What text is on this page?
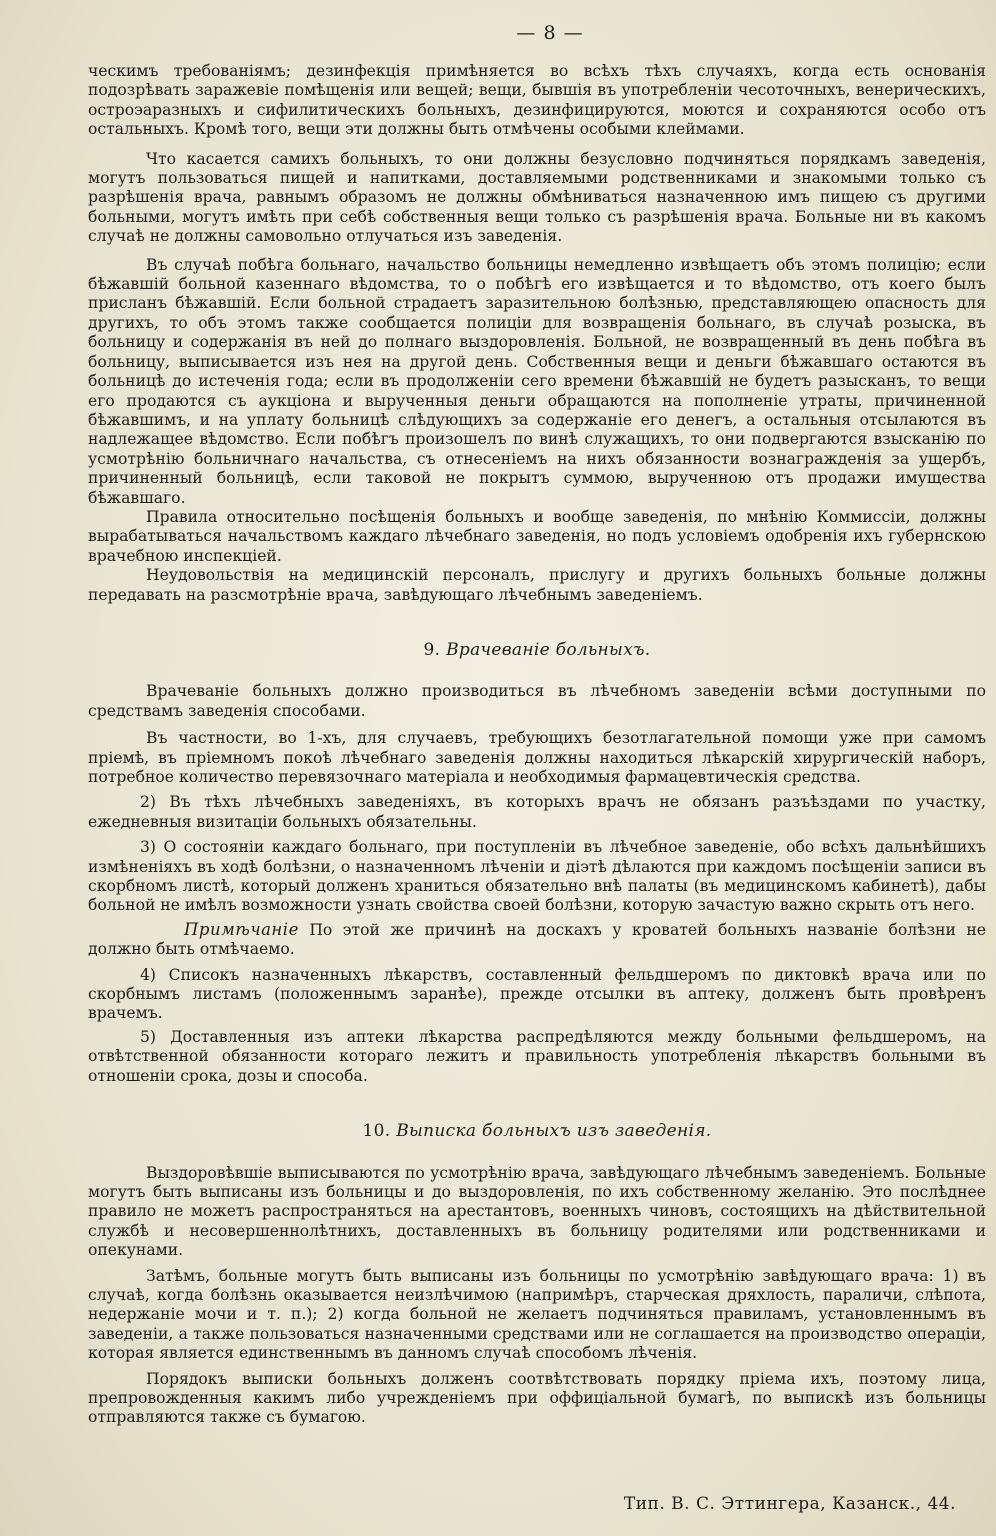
— 8 —

ческимъ требованіямъ; дезинфекція примѣняется во всѣхъ тѣхъ случаяхъ, когда есть основанія подозрѣвать заражевіе помѣщенія или вещей; вещи, бывшія въ употребленіи чесоточныхъ, венерическихъ, остроэаразныхъ и сифилитическихъ больныхъ, дезинфицируются, моются и сохраняются особо отъ остальныхъ. Кромѣ того, вещи эти должны быть отмѣчены особыми клеймами.

Что касается самихъ больныхъ, то они должны безусловно подчиняться порядкамъ заведенія, могутъ пользоваться пищей и напитками, доставляемыми родственниками и знакомыми только съ разрѣшенія врача, равнымъ образомъ не должны обмѣниваться назначенною имъ пищею съ другими больными, могутъ имѣть при себѣ собственныя вещи только съ разрѣшенія врача. Больные ни въ какомъ случаѣ не должны самовольно отлучаться изъ заведенія.

Въ случаѣ побѣга больнаго, начальство больницы немедленно извѣщаетъ объ этомъ полицію; если бѣжавшій больной казеннаго вѣдомства, то о побѣгѣ его извѣщается и то вѣдомство, отъ коего былъ присланъ бѣжавшій. Если больной страдаетъ заразительною болѣзнью, представляющею опасность для другихъ, то объ этомъ также сообщается полиціи для возвращенія больнаго, въ случаѣ розыска, въ больницу и содержанія въ ней до полнаго выздоровленія. Больной, не возвращенный въ день побѣга въ больницу, выписывается изъ нея на другой день. Собственныя вещи и деньги бѣжавшаго остаются въ больницѣ до истеченія года; если въ продолженіи сего времени бѣжавшій не будетъ разысканъ, то вещи его продаются съ аукціона и вырученныя деньги обращаются на пополненіе утраты, причиненной бѣжавшимъ, и на уплату больницѣ слѣдующихъ за содержаніе его денегъ, а остальныя отсылаются въ надлежащее вѣдомство. Если побѣгъ произошелъ по винѣ служащихъ, то они подвергаются взысканію по усмотрѣнію больничнаго начальства, съ отнесеніемъ на нихъ обязанности вознагражденія за ущербъ, причиненный больницѣ, если таковой не покрытъ суммою, вырученною отъ продажи имущества бѣжавшаго.

Правила относительно посѣщенія больныхъ и вообще заведенія, по мнѣнію Коммиссіи, должны вырабатываться начальствомъ каждаго лѣчебнаго заведенія, но подъ условіемъ одобренія ихъ губернскою врачебною инспекціей.

Неудовольствія на медицинскій персоналъ, прислугу и другихъ больныхъ больные должны передавать на разсмотрѣніе врача, завѣдующаго лѣчебнымъ заведеніемъ.

9. Врачеваніе больныхъ.

Врачеваніе больныхъ должно производиться въ лѣчебномъ заведеніи всѣми доступными по средствамъ заведенія способами.

Въ частности, во 1-хъ, для случаевъ, требующихъ безотлагательной помощи уже при самомъ пріемѣ, въ пріемномъ покоѣ лѣчебнаго заведенія должны находиться лѣкарскій хирургическій наборъ, потребное количество перевязочнаго матеріала и необходимыя фармацевтическія средства.

2) Въ тѣхъ лѣчебныхъ заведеніяхъ, въ которыхъ врачъ не обязанъ разъѣздами по участку, ежедневныя визитаціи больныхъ обязательны.

3) О состояніи каждаго больнаго, при поступленіи въ лѣчебное заведеніе, обо всѣхъ дальнѣйшихъ измѣненіяхъ въ ходѣ болѣзни, о назначенномъ лѣченіи и діэтѣ дѣлаются при каждомъ посѣщеніи записи въ скорбномъ листѣ, который долженъ храниться обязательно внѣ палаты (въ медицинскомъ кабинетѣ), дабы больной не имѣлъ возможности узнать свойства своей болѣзни, которую зачастую важно скрыть отъ него.

Примѣчаніе По этой же причинѣ на доскахъ у кроватей больныхъ названіе болѣзни не должно быть отмѣчаемо.

4) Списокъ назначенныхъ лѣкарствъ, составленный фельдшеромъ по диктовкѣ врача или по скорбнымъ листамъ (положеннымъ заранѣе), прежде отсылки въ аптеку, долженъ быть провѣренъ врачемъ.

5) Доставленныя изъ аптеки лѣкарства распредѣляются между больными фельдшеромъ, на отвѣтственной обязанности котораго лежитъ и правильность употребленія лѣкарствъ больными въ отношеніи срока, дозы и способа.

10. Выписка больныхъ изъ заведенія.

Выздоровѣвшіе выписываются по усмотрѣнію врача, завѣдующаго лѣчебнымъ заведеніемъ. Больные могутъ быть выписаны изъ больницы и до выздоровленія, по ихъ собственному желанію. Это послѣднее правило не можетъ распространяться на арестантовъ, военныхъ чиновъ, состоящихъ на дѣйствительной службѣ и несовершеннолѣтнихъ, доставленныхъ въ больницу родителями или родственниками и опекунами.

Затѣмъ, больные могутъ быть выписаны изъ больницы по усмотрѣнію завѣдующаго врача: 1) въ случаѣ, когда болѣзнь оказывается неизлѣчимою (напримѣръ, старческая дряхлость, параличи, слѣпота, недержаніе мочи и т. п.); 2) когда больной не желаетъ подчиняться правиламъ, установленнымъ въ заведеніи, а также пользоваться назначенными средствами или не соглашается на производство операціи, которая является единственнымъ въ данномъ случаѣ способомъ лѣченія.

Порядокъ выписки больныхъ долженъ соотвѣтствовать порядку пріема ихъ, поэтому лица, препровожденныя какимъ либо учрежденіемъ при оффиціальной бумагѣ, по выпискѣ изъ больницы отправляются также съ бумагою.

Тип. В. С. Эттингера, Казанск., 44.
